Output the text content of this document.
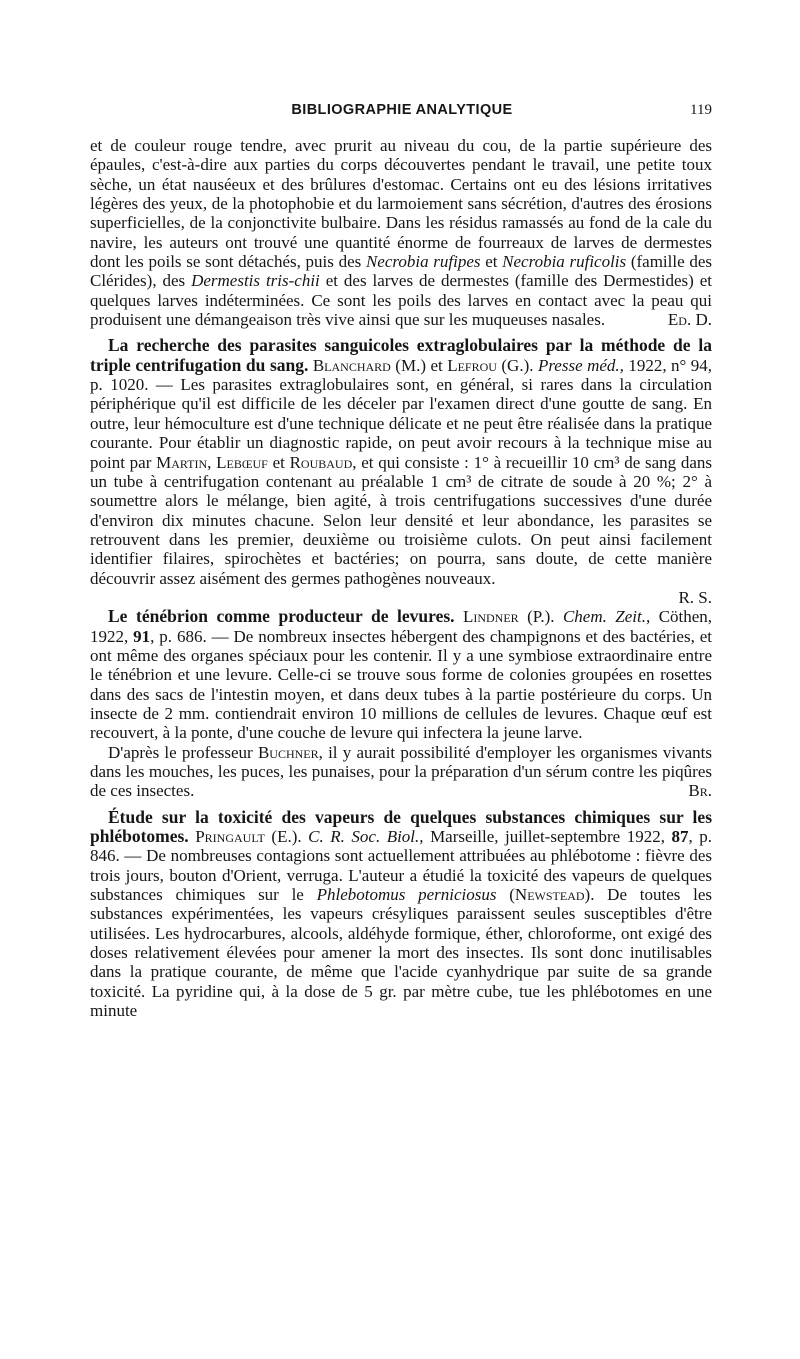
BIBLIOGRAPHIE ANALYTIQUE	119

et de couleur rouge tendre, avec prurit au niveau du cou, de la partie supérieure des épaules, c'est-à-dire aux parties du corps découvertes pendant le travail, une petite toux sèche, un état nauséeux et des brûlures d'estomac. Certains ont eu des lésions irritatives légères des yeux, de la photophobie et du larmoiement sans sécrétion, d'autres des érosions superficielles, de la conjonctivite bulbaire. Dans les résidus ramassés au fond de la cale du navire, les auteurs ont trouvé une quantité énorme de fourreaux de larves de dermestes dont les poils se sont détachés, puis des Necrobia rufipes et Necrobia ruficolis (famille des Clérides), des Dermestis tris-chii et des larves de dermestes (famille des Dermestides) et quelques larves indéterminées. Ce sont les poils des larves en contact avec la peau qui produisent une démangeaison très vive ainsi que sur les muqueuses nasales.	Ed. D.

La recherche des parasites sanguicoles extraglobulaires par la méthode de la triple centrifugation du sang. Blanchard (M.) et Lefrou (G.). Presse méd., 1922, n° 94, p. 1020. — Les parasites extraglobulaires sont, en général, si rares dans la circulation périphérique qu'il est difficile de les déceler par l'examen direct d'une goutte de sang. En outre, leur hémoculture est d'une technique délicate et ne peut être réalisée dans la pratique courante. Pour établir un diagnostic rapide, on peut avoir recours à la technique mise au point par Martin, Lebœuf et Roubaud, et qui consiste : 1° à recueillir 10 cm³ de sang dans un tube à centrifugation contenant au préalable 1 cm³ de citrate de soude à 20 %; 2° à soumettre alors le mélange, bien agité, à trois centrifugations successives d'une durée d'environ dix minutes chacune. Selon leur densité et leur abondance, les parasites se retrouvent dans les premier, deuxième ou troisième culots. On peut ainsi facilement identifier filaires, spirochètes et bactéries; on pourra, sans doute, de cette manière découvrir assez aisément des germes pathogènes nouveaux.

R. S.

Le ténébrion comme producteur de levures. Lindner (P.). Chem. Zeit., Cöthen, 1922, 91, p. 686. — De nombreux insectes hébergent des champignons et des bactéries, et ont même des organes spéciaux pour les contenir. Il y a une symbiose extraordinaire entre le ténébrion et une levure. Celle-ci se trouve sous forme de colonies groupées en rosettes dans des sacs de l'intestin moyen, et dans deux tubes à la partie postérieure du corps. Un insecte de 2 mm. contiendrait environ 10 millions de cellules de levures. Chaque œuf est recouvert, à la ponte, d'une couche de levure qui infectera la jeune larve.

D'après le professeur Buchner, il y aurait possibilité d'employer les organismes vivants dans les mouches, les puces, les punaises, pour la préparation d'un sérum contre les piqûres de ces insectes.	Br.

Étude sur la toxicité des vapeurs de quelques substances chimiques sur les phlébotomes. Pringault (E.). C. R. Soc. Biol., Marseille, juillet-septembre 1922, 87, p. 846. — De nombreuses contagions sont actuellement attribuées au phlébotome : fièvre des trois jours, bouton d'Orient, verruga. L'auteur a étudié la toxicité des vapeurs de quelques substances chimiques sur le Phlebotomus perniciosus (Newstead). De toutes les substances expérimentées, les vapeurs crésyliques paraissent seules susceptibles d'être utilisées. Les hydrocarbures, alcools, aldéhyde formique, éther, chloroforme, ont exigé des doses relativement élevées pour amener la mort des insectes. Ils sont donc inutilisables dans la pratique courante, de même que l'acide cyanhydrique par suite de sa grande toxicité. La pyridine qui, à la dose de 5 gr. par mètre cube, tue les phlébotomes en une minute
